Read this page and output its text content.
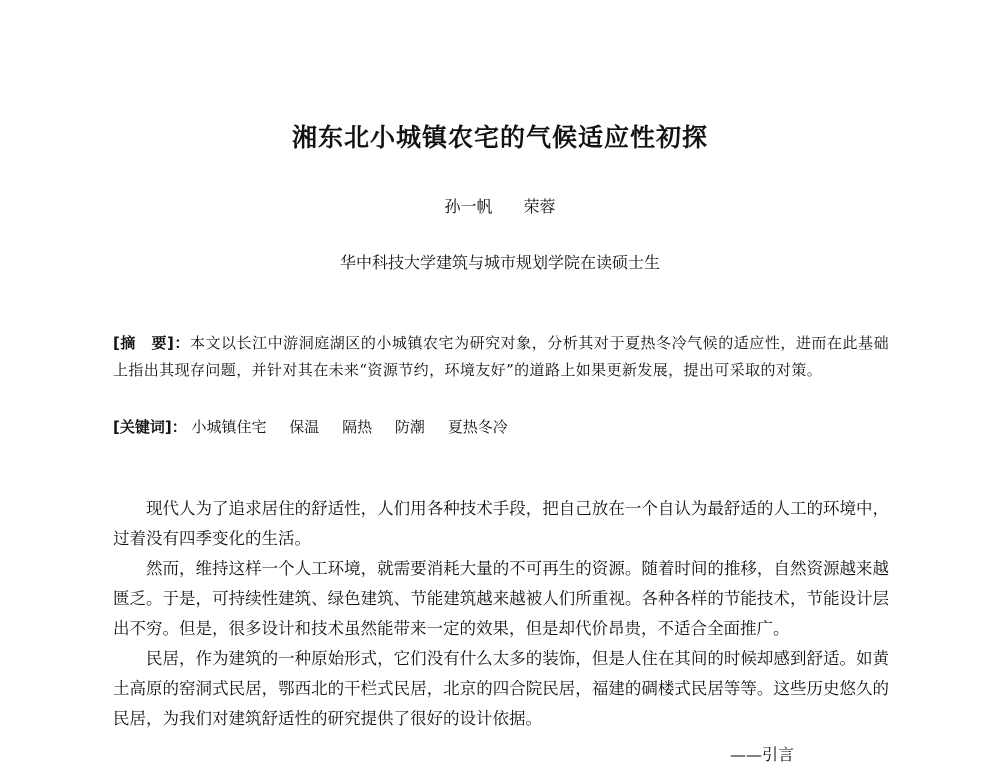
湘东北小城镇农宅的气候适应性初探
孙一帆 荣蓉
华中科技大学建筑与城市规划学院在读硕士生
[摘　要]：本文以长江中游洞庭湖区的小城镇农宅为研究对象，分析其对于夏热冬冷气候的适应性，进而在此基础上指出其现存问题，并针对其在未来“资源节约，环境友好”的道路上如果更新发展，提出可采取的对策。
[关键词]： 小城镇住宅 保温 隔热 防潮 夏热冬冷

现代人为了追求居住的舒适性，人们用各种技术手段，把自己放在一个自认为最舒适的人工的环境中，过着没有四季变化的生活。

然而，维持这样一个人工环境，就需要消耗大量的不可再生的资源。随着时间的推移，自然资源越来越匮乏。于是，可持续性建筑、绿色建筑、节能建筑越来越被人们所重视。各种各样的节能技术，节能设计层出不穷。但是，很多设计和技术虽然能带来一定的效果，但是却代价昂贵，不适合全面推广。

民居，作为建筑的一种原始形式，它们没有什么太多的装饰，但是人住在其间的时候却感到舒适。如黄土高原的窑洞式民居，鄂西北的干栏式民居，北京的四合院民居，福建的碉楼式民居等等。这些历史悠久的民居，为我们对建筑舒适性的研究提供了很好的设计依据。

——引言
